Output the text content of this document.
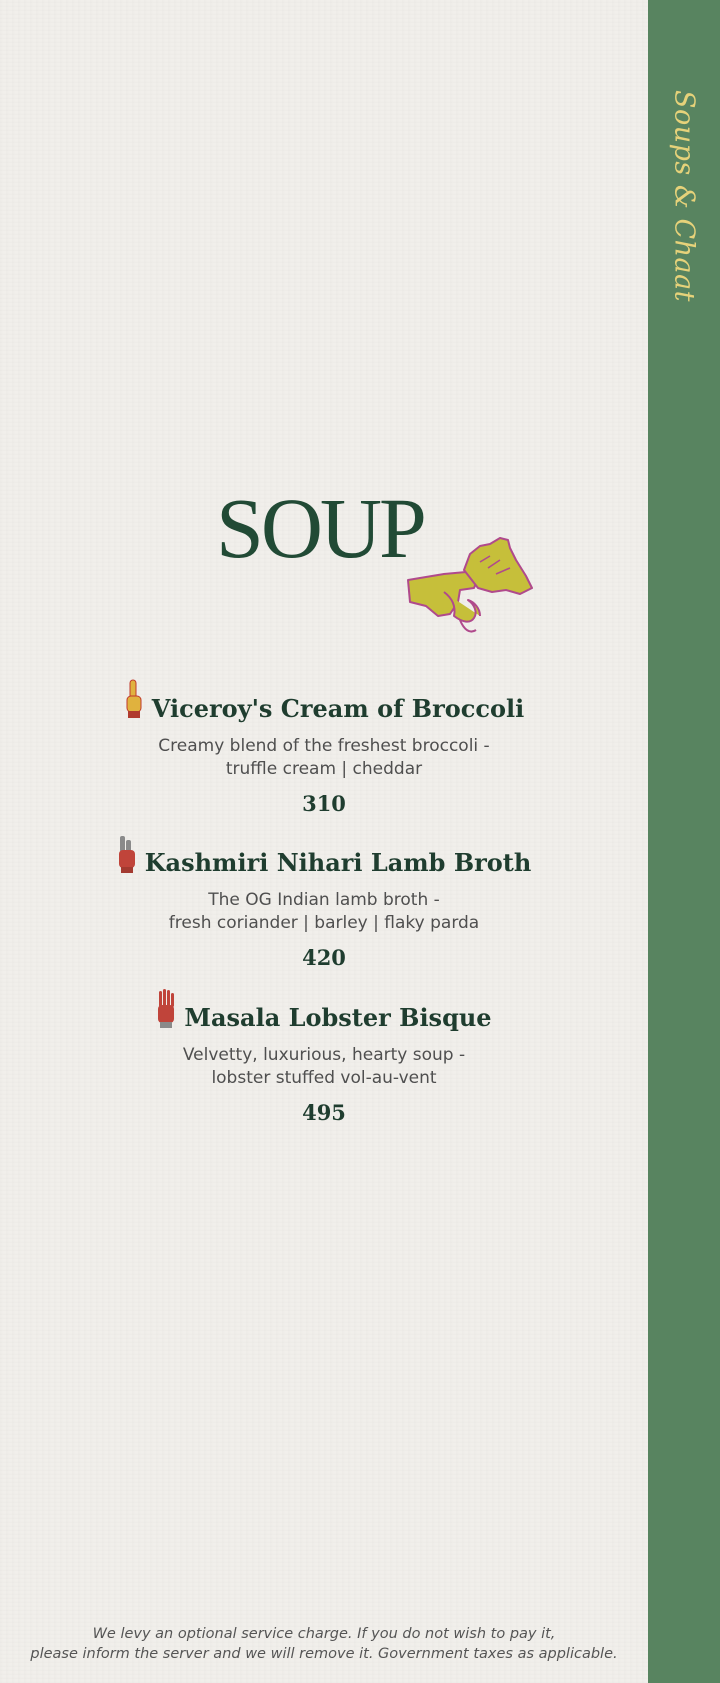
Soups & Chaat
SOUP
Viceroy's Cream of Broccoli
Creamy blend of the freshest broccoli -
truffle cream | cheddar
310
Kashmiri Nihari Lamb Broth
The OG Indian lamb broth -
fresh coriander | barley | flaky parda
420
Masala Lobster Bisque
Velvetty, luxurious, hearty soup -
lobster stuffed vol-au-vent
495
We levy an optional service charge. If you do not wish to pay it,
please inform the server and we will remove it. Government taxes as applicable.
